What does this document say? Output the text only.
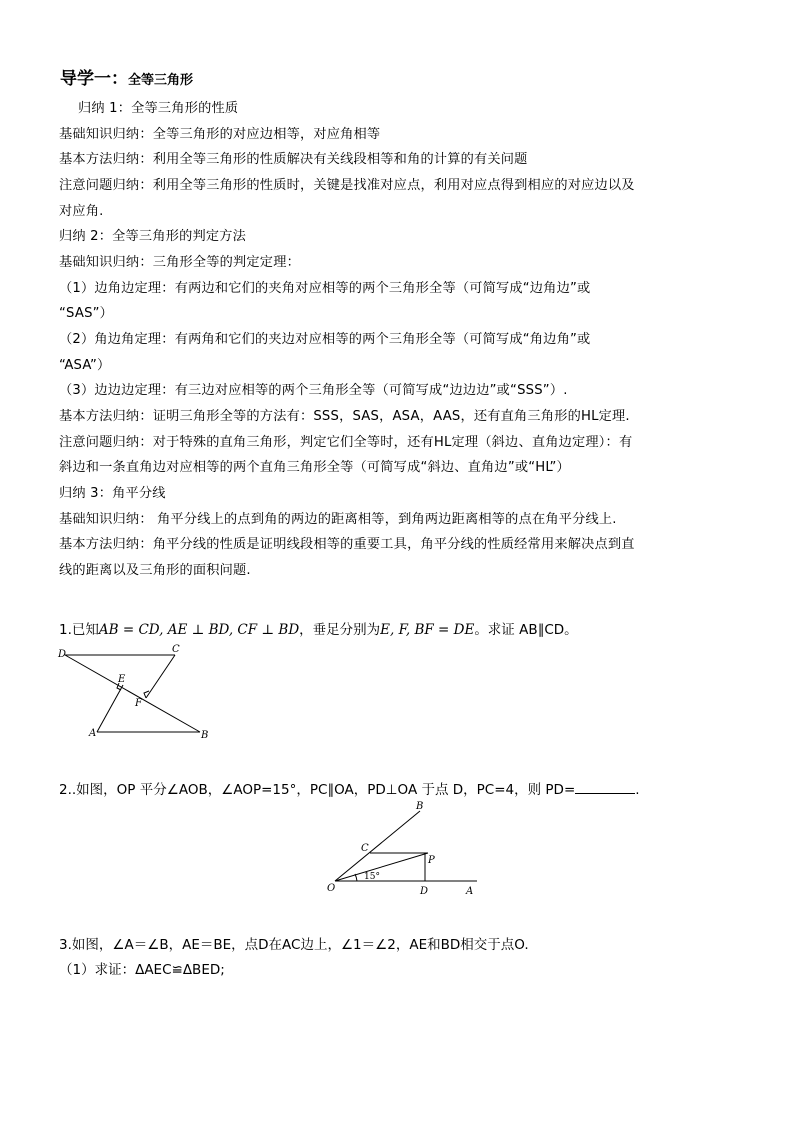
导学一：全等三角形
归纳 1：全等三角形的性质
基础知识归纳：全等三角形的对应边相等，对应角相等
基本方法归纳：利用全等三角形的性质解决有关线段相等和角的计算的有关问题
注意问题归纳：利用全等三角形的性质时，关键是找准对应点，利用对应点得到相应的对应边以及
对应角.
归纳 2：全等三角形的判定方法
基础知识归纳：三角形全等的判定定理：
（1）边角边定理：有两边和它们的夹角对应相等的两个三角形全等（可简写成“边角边”或
“SAS”）
（2）角边角定理：有两角和它们的夹边对应相等的两个三角形全等（可简写成“角边角”或
“ASA”）
（3）边边边定理：有三边对应相等的两个三角形全等（可简写成“边边边”或“SSS”）.
基本方法归纳：证明三角形全等的方法有：SSS，SAS，ASA，AAS，还有直角三角形的HL定理.
注意问题归纳：对于特殊的直角三角形，判定它们全等时，还有HL定理（斜边、直角边定理）：有
斜边和一条直角边对应相等的两个直角三角形全等（可简写成“斜边、直角边”或“HL”）
归纳 3：角平分线
基础知识归纳： 角平分线上的点到角的两边的距离相等，到角两边距离相等的点在角平分线上.
基本方法归纳：角平分线的性质是证明线段相等的重要工具，角平分线的性质经常用来解决点到直
线的距离以及三角形的面积问题.
1.已知AB = CD, AE ⊥ BD, CF ⊥ BD，垂足分别为E, F, BF = DE。求证 AB∥CD。
D	C
E
F
A	B
2..如图，OP 平分∠AOB，∠AOP=15°，PC∥OA，PD⊥OA 于点 D，PC=4，则 PD=	.
B
C
P
O	D	A
15°
3.如图，∠A＝∠B，AE＝BE，点D在AC边上，∠1＝∠2，AE和BD相交于点O.
（1）求证：ΔAEC≌ΔBED;
